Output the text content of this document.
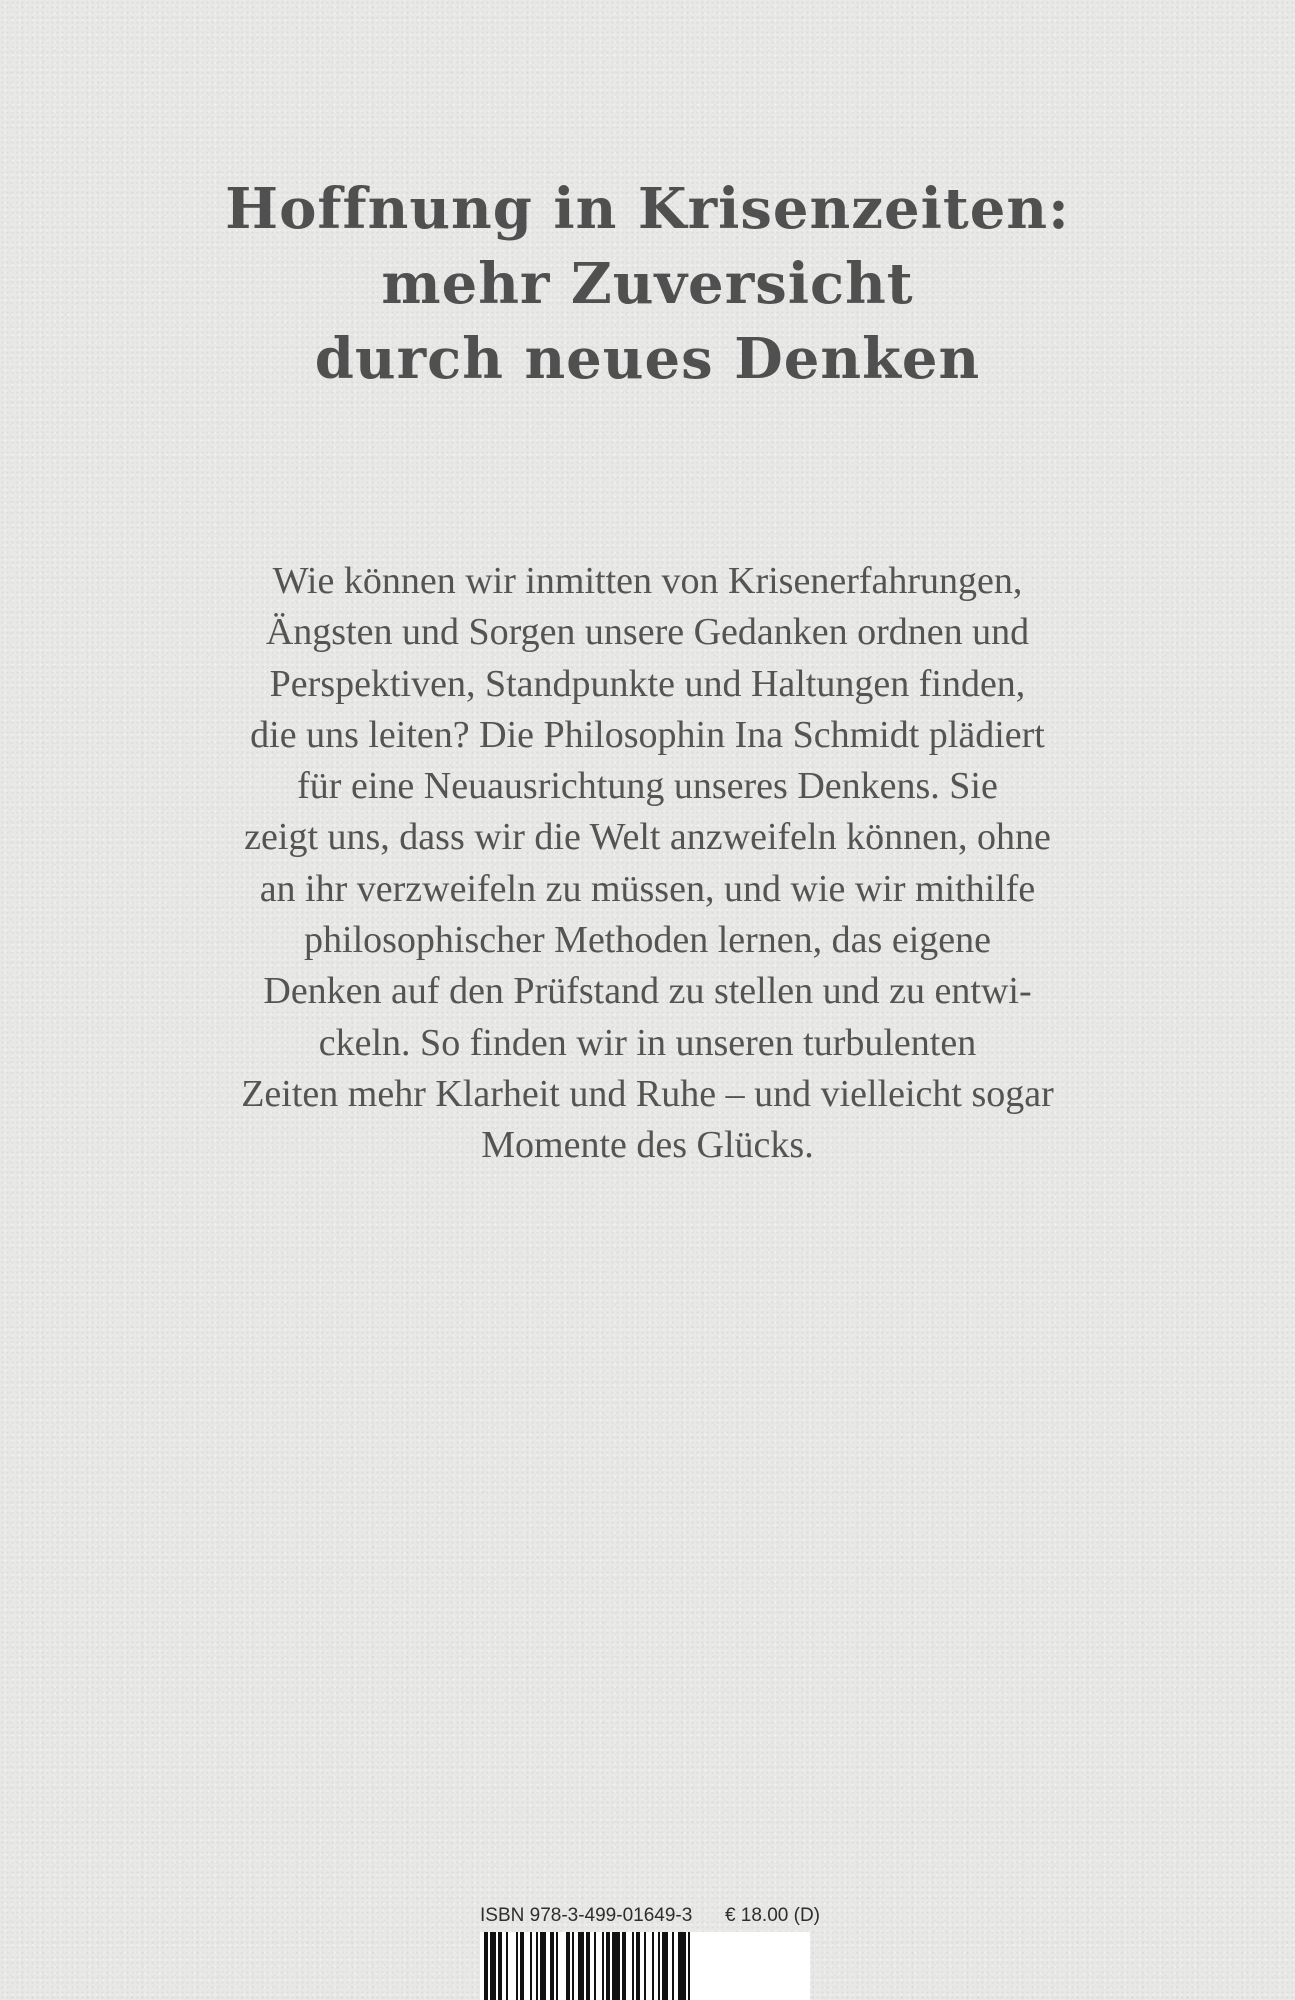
Hoffnung in Krisenzeiten:
mehr Zuversicht
durch neues Denken

Wie können wir inmitten von Krisenerfahrungen,
Ängsten und Sorgen unsere Gedanken ordnen und
Perspektiven, Standpunkte und Haltungen finden,
die uns leiten? Die Philosophin Ina Schmidt plädiert
für eine Neuausrichtung unseres Denkens. Sie
zeigt uns, dass wir die Welt anzweifeln können, ohne
an ihr verzweifeln zu müssen, und wie wir mithilfe
philosophischer Methoden lernen, das eigene
Denken auf den Prüfstand zu stellen und zu entwi-
ckeln. So finden wir in unseren turbulenten
Zeiten mehr Klarheit und Ruhe – und vielleicht sogar
Momente des Glücks.

ISBN 978-3-499-01649-3 € 18.00 (D)
